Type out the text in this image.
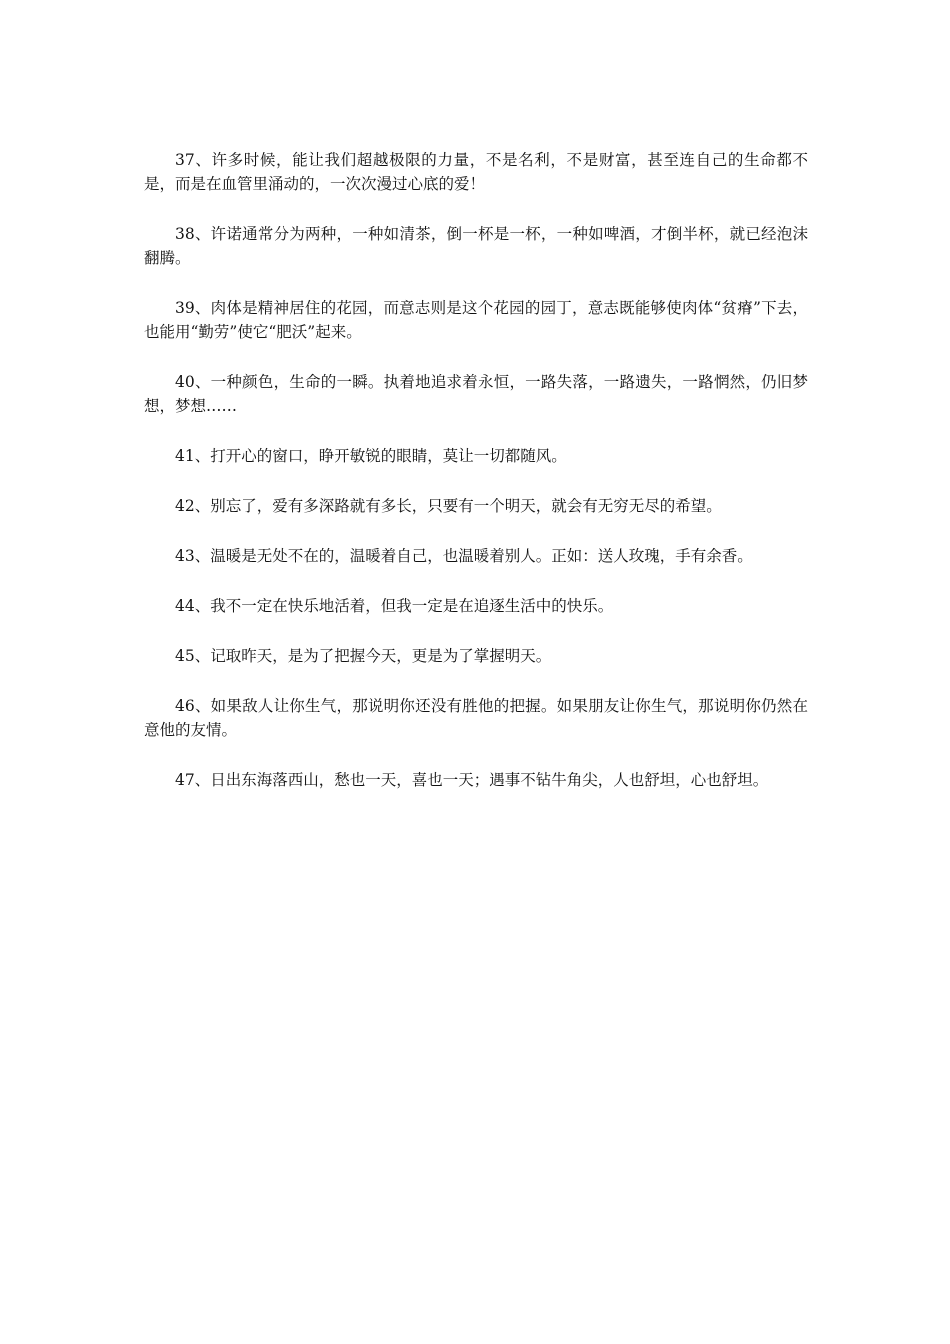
37、许多时候，能让我们超越极限的力量，不是名利，不是财富，甚至连自己的生命都不是，而是在血管里涌动的，一次次漫过心底的爱！

38、许诺通常分为两种，一种如清茶，倒一杯是一杯，一种如啤酒，才倒半杯，就已经泡沫翻腾。

39、肉体是精神居住的花园，而意志则是这个花园的园丁，意志既能够使肉体“贫瘠”下去，也能用“勤劳”使它“肥沃”起来。

40、一种颜色，生命的一瞬。执着地追求着永恒，一路失落，一路遗失，一路惘然，仍旧梦想，梦想……

41、打开心的窗口，睁开敏锐的眼睛，莫让一切都随风。

42、别忘了，爱有多深路就有多长，只要有一个明天，就会有无穷无尽的希望。

43、温暖是无处不在的，温暖着自己，也温暖着别人。正如：送人玫瑰，手有余香。

44、我不一定在快乐地活着，但我一定是在追逐生活中的快乐。

45、记取昨天，是为了把握今天，更是为了掌握明天。

46、如果敌人让你生气，那说明你还没有胜他的把握。如果朋友让你生气，那说明你仍然在意他的友情。

47、日出东海落西山，愁也一天，喜也一天；遇事不钻牛角尖，人也舒坦，心也舒坦。
